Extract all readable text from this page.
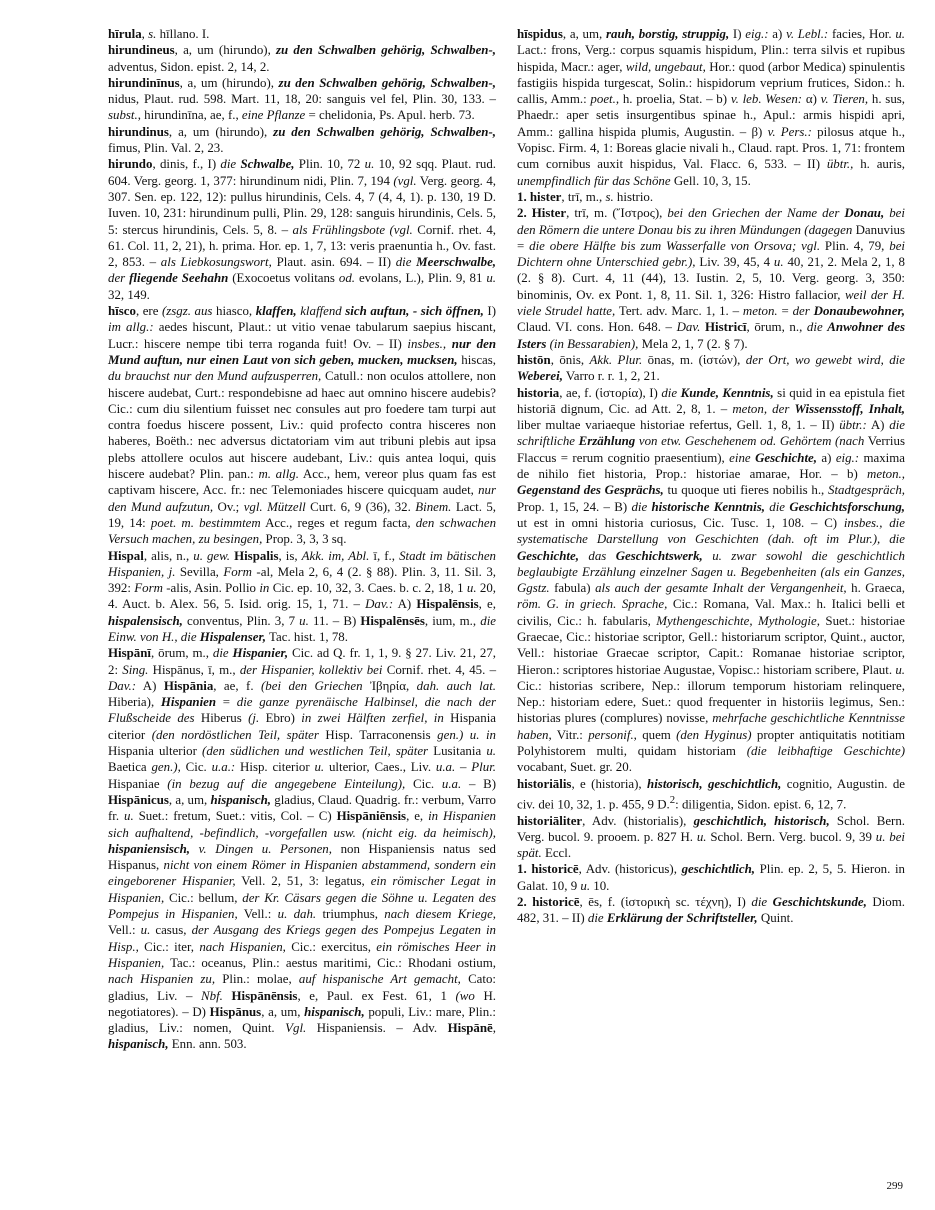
hīrula, s. hīllano. I.

hirundineus, a, um (hirundo), zu den Schwalben gehörig, Schwalben-, adventus, Sidon. epist. 2, 14, 2.

hirundinīnus, a, um (hirundo), zu den Schwalben gehörig, Schwalben-, nidus, Plaut. rud. 598. Mart. 11, 18, 20: sanguis vel fel, Plin. 30, 133. – subst., hirundinīna, ae, f., eine Pflanze = chelidonia, Ps. Apul. herb. 73.

hirundinus, a, um (hirundo), zu den Schwalben gehörig, Schwalben-, fimus, Plin. Val. 2, 23.

hirundo, dinis, f., I) die Schwalbe, Plin. 10, 72 u. 10, 92 sqq. Plaut. rud. 604. Verg. georg. 1, 377: hirundinum nidi, Plin. 7, 194 (vgl. Verg. georg. 4, 307. Sen. ep. 122, 12): pullus hirundinis, Cels. 4, 7 (4, 4, 1). p. 130, 19 D. Iuven. 10, 231: hirundinum pulli, Plin. 29, 128: sanguis hirundinis, Cels. 5, 5: stercus hirundinis, Cels. 5, 8. – als Frühlingsbote (vgl. Cornif. rhet. 4, 61. Col. 11, 2, 21), h. prima. Hor. ep. 1, 7, 13: veris praenuntia h., Ov. fast. 2, 853. – als Liebkosungswort, Plaut. asin. 694. – II) die Meerschwalbe, der fliegende Seehahn (Exocoetus volitans od. evolans, L.), Plin. 9, 81 u. 32, 149.

hīsco, ere (zsgz. aus hiasco, klaffen, klaffend sich auftun, - sich öffnen, I) im allg.: aedes hiscunt, Plaut.: ut vitio venae tabularum saepius hiscant, Lucr.: hiscere nempe tibi terra roganda fuit! Ov. – II) insbes., nur den Mund auftun, nur einen Laut von sich geben, mucken, mucksen, hiscas, du brauchst nur den Mund aufzusperren, Catull.: non oculos attollere, non hiscere audebat, Curt.: respondebisne ad haec aut omnino hiscere audebis? Cic.: cum diu silentium fuisset nec consules aut pro foedere tam turpi aut contra foedus hiscere possent, Liv.: quid profecto contra hisceres non haberes, Boëth.: nec adversus dictatoriam vim aut tribuni plebis aut ipsa plebs attollere oculos aut hiscere audebant, Liv.: quis antea loqui, quis hiscere audebat? Plin. pan.: m. allg. Acc., hem, vereor plus quam fas est captivam hiscere, Acc. fr.: nec Telemoniades hiscere quicquam audet, nur den Mund aufzutun, Ov.; vgl. Mützell Curt. 6, 9 (36), 32. Binem. Lact. 5, 19, 14: poet. m. bestimmtem Acc., reges et regum facta, den schwachen Versuch machen, zu besingen, Prop. 3, 3, 3 sq.

Hispal, alis, n., u. gew. Hispalis, is, Akk. im, Abl. ī, f., Stadt im bätischen Hispanien, j. Sevilla, Form -al, Mela 2, 6, 4 (2. § 88). Plin. 3, 11. Sil. 3, 392: Form -alis, Asin. Pollio in Cic. ep. 10, 32, 3. Caes. b. c. 2, 18, 1 u. 20, 4. Auct. b. Alex. 56, 5. Isid. orig. 15, 1, 71. – Dav.: A) Hispalēnsis, e, hispalensisch, conventus, Plin. 3, 7 u. 11. – B) Hispalēnsēs, ium, m., die Einw. von H., die Hispalenser, Tac. hist. 1, 78.

Hispānī, ōrum, m., die Hispanier, Cic. ad Q. fr. 1, 1, 9. § 27. Liv. 21, 27, 2: Sing. Hispānus, ī, m., der Hispanier, kollektiv bei Cornif. rhet. 4, 45. – Dav.: A) Hispānia, ae, f. (bei den Griechen Ἰβηρία, dah. auch lat. Hiberia), Hispanien = die ganze pyrenäische Halbinsel, die nach der Flußscheide des Hiberus (j. Ebro) in zwei Hälften zerfiel, in Hispania citerior (den nordöstlichen Teil, später Hisp. Tarraconensis gen.) u. in Hispania ulterior (den südlichen und westlichen Teil, später Lusitania u. Baetica gen.), Cic. u.a.: Hisp. citerior u. ulterior, Caes., Liv. u.a. – Plur. Hispaniae (in bezug auf die angegebene Einteilung), Cic. u.a. – B) Hispānicus, a, um, hispanisch, gladius, Claud. Quadrig. fr.: verbum, Varro fr. u. Suet.: fretum, Suet.: vitis, Col. – C) Hispāniēnsis, e, in Hispanien sich aufhaltend, -befindlich, -vorgefallen usw. (nicht eig. da heimisch), hispaniensisch, v. Dingen u. Personen, non Hispaniensis natus sed Hispanus, nicht von einem Römer in Hispanien abstammend, sondern ein eingeborener Hispanier, Vell. 2, 51, 3: legatus, ein römischer Legat in Hispanien, Cic.: bellum, der Kr. Cäsars gegen die Söhne u. Legaten des Pompejus in Hispanien, Vell.: u. dah. triumphus, nach diesem Kriege, Vell.: u. casus, der Ausgang des Kriegs gegen des Pompejus Legaten in Hisp., Cic.: iter, nach Hispanien, Cic.: exercitus, ein römisches Heer in Hispanien, Tac.: oceanus, Plin.: aestus maritimi, Cic.: Rhodani ostium, nach Hispanien zu, Plin.: molae, auf hispanische Art gemacht, Cato: gladius, Liv. – Nbf. Hispānēnsis, e, Paul. ex Fest. 61, 1 (wo H. negotiatores). – D) Hispānus, a, um, hispanisch, populi, Liv.: mare, Plin.: gladius, Liv.: nomen, Quint. Vgl. Hispaniensis. – Adv. Hispānē, hispanisch, Enn. ann. 503.

hīspidus, a, um, rauh, borstig, struppig, I) eig.: a) v. Lebl.: facies, Hor. u. Lact.: frons, Verg.: corpus squamis hispidum, Plin.: terra silvis et rupibus hispida, Macr.: ager, wild, ungebaut, Hor.: quod (arbor Medica) spinulentis fastigiis hispida turgescat, Solin.: hispidorum veprium frutices, Sidon.: h. callis, Amm.: poet., h. proelia, Stat. – b) v. leb. Wesen: α) v. Tieren, h. sus, Phaedr.: aper setis insurgentibus spinae h., Apul.: armis hispidi apri, Amm.: gallina hispida plumis, Augustin. – β) v. Pers.: pilosus atque h., Vopisc. Firm. 4, 1: Boreas glacie nivali h., Claud. rapt. Pros. 1, 71: frontem cum cornibus auxit hispidus, Val. Flacc. 6, 533. – II) übtr., h. auris, unempfindlich für das Schöne Gell. 10, 3, 15.

1. hister, trī, m., s. histrio.

2. Hister, trī, m. (Ἴστρος), bei den Griechen der Name der Donau, bei den Römern die untere Donau bis zu ihren Mündungen (dagegen Danuvius = die obere Hälfte bis zum Wasserfalle von Orsova; vgl. Plin. 4, 79, bei Dichtern ohne Unterschied gebr.), Liv. 39, 45, 4 u. 40, 21, 2. Mela 2, 1, 8 (2. § 8). Curt. 4, 11 (44), 13. Iustin. 2, 5, 10. Verg. georg. 3, 350: binominis, Ov. ex Pont. 1, 8, 11. Sil. 1, 326: Histro fallacior, weil der H. viele Strudel hatte, Tert. adv. Marc. 1, 1. – meton. = der Donaubewohner, Claud. VI. cons. Hon. 648. – Dav. Histricī, ōrum, n., die Anwohner des Isters (in Bessarabien), Mela 2, 1, 7 (2. § 7).

histōn, ōnis, Akk. Plur. ōnas, m. (ἱστών), der Ort, wo gewebt wird, die Weberei, Varro r. r. 1, 2, 21.

historia, ae, f. (ἱστορία), I) die Kunde, Kenntnis, si quid in ea epistula fiet historiā dignum, Cic. ad Att. 2, 8, 1. – meton, der Wissensstoff, Inhalt, liber multae variaeque historiae refertus, Gell. 1, 8, 1. – II) übtr.: A) die schriftliche Erzählung von etw. Geschehenem od. Gehörtem (nach Verrius Flaccus = rerum cognitio praesentium), eine Geschichte, a) eig.: maxima de nihilo fiet historia, Prop.: historiae amarae, Hor. – b) meton., Gegenstand des Gesprächs, tu quoque uti fieres nobilis h., Stadtgespräch, Prop. 1, 15, 24. – B) die historische Kenntnis, die Geschichtsforschung, ut est in omni historia curiosus, Cic. Tusc. 1, 108. – C) insbes., die systematische Darstellung von Geschichten (dah. oft im Plur.), die Geschichte, das Geschichtswerk, u. zwar sowohl die geschichtlich beglaubigte Erzählung einzelner Sagen u. Begebenheiten (als ein Ganzes, Ggstz. fabula) als auch der gesamte Inhalt der Vergangenheit, h. Graeca, röm. G. in griech. Sprache, Cic.: Romana, Val. Max.: h. Italici belli et civilis, Cic.: h. fabularis, Mythengeschichte, Mythologie, Suet.: historiae Graecae, Cic.: historiae scriptor, Gell.: historiarum scriptor, Quint., auctor, Vell.: historiae Graecae scriptor, Capit.: Romanae historiae scriptor, Hieron.: scriptores historiae Augustae, Vopisc.: historiam scribere, Plaut. u. Cic.: historias scribere, Nep.: illorum temporum historiam relinquere, Nep.: historiam edere, Suet.: quod frequenter in historiis legimus, Sen.: historias plures (complures) novisse, mehrfache geschichtliche Kenntnisse haben, Vitr.: personif., quem (den Hyginus) propter antiquitatis notitiam Polyhistorem multi, quidam historiam (die leibhaftige Geschichte) vocabant, Suet. gr. 20.

historiālis, e (historia), historisch, geschichtlich, cognitio, Augustin. de civ. dei 10, 32, 1. p. 455, 9 D.$^2$: diligentia, Sidon. epist. 6, 12, 7.

historiāliter, Adv. (historialis), geschichtlich, historisch, Schol. Bern. Verg. bucol. 9. prooem. p. 827 H. u. Schol. Bern. Verg. bucol. 9, 39 u. bei spät. Eccl.

1. historicē, Adv. (historicus), geschichtlich, Plin. ep. 2, 5, 5. Hieron. in Galat. 10, 9 u. 10.

2. historicē, ēs, f. (ἱστορικὴ sc. τέχνη), I) die Geschichtskunde, Diom. 482, 31. – II) die Erklärung der Schriftsteller, Quint.

299
